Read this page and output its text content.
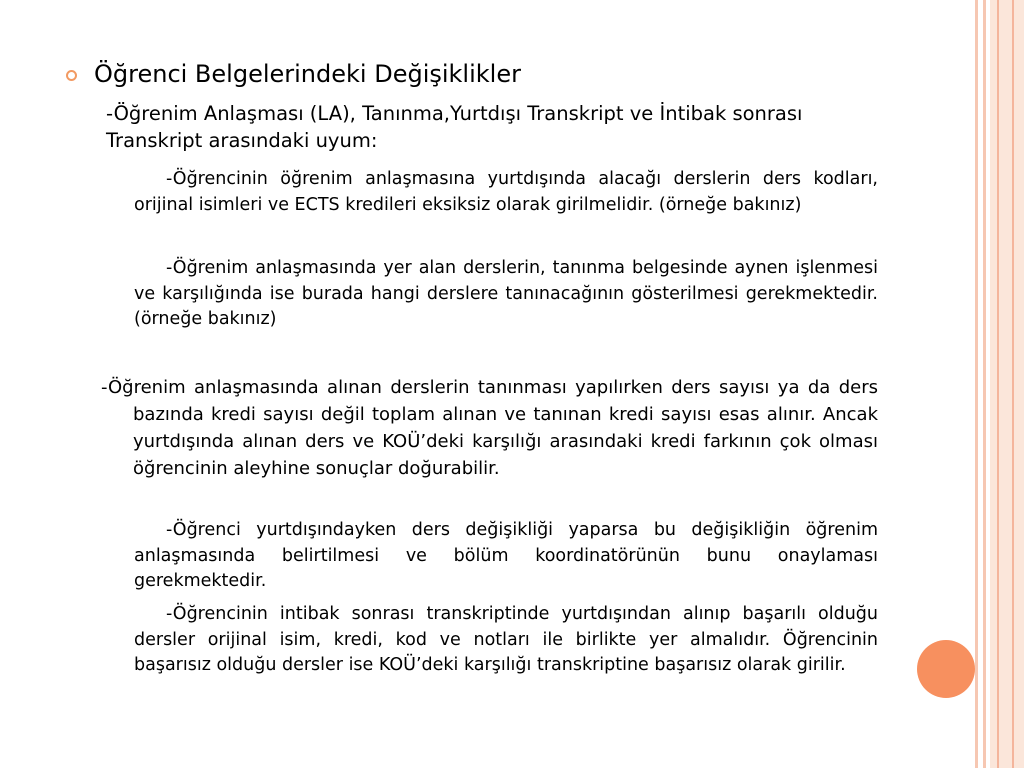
Öğrenci Belgelerindeki Değişiklikler

-Öğrenim Anlaşması (LA), Tanınma,Yurtdışı Transkript ve İntibak sonrası Transkript arasındaki uyum:

-Öğrencinin öğrenim anlaşmasına yurtdışında alacağı derslerin ders kodları, orijinal isimleri ve ECTS kredileri eksiksiz olarak girilmelidir. (örneğe bakınız)

-Öğrenim anlaşmasında yer alan derslerin, tanınma belgesinde aynen işlenmesi ve karşılığında ise burada hangi derslere tanınacağının gösterilmesi gerekmektedir. (örneğe bakınız)

-Öğrenim anlaşmasında alınan derslerin tanınması yapılırken ders sayısı ya da ders bazında kredi sayısı değil toplam alınan ve tanınan kredi sayısı esas alınır. Ancak yurtdışında alınan ders ve KOÜ’deki karşılığı arasındaki kredi farkının çok olması öğrencinin aleyhine sonuçlar doğurabilir.

-Öğrenci yurtdışındayken ders değişikliği yaparsa bu değişikliğin öğrenim anlaşmasında belirtilmesi ve bölüm koordinatörünün bunu onaylaması gerekmektedir.

-Öğrencinin intibak sonrası transkriptinde yurtdışından alınıp başarılı olduğu dersler orijinal isim, kredi, kod ve notları ile birlikte yer almalıdır. Öğrencinin başarısız olduğu dersler ise KOÜ’deki karşılığı transkriptine başarısız olarak girilir.
